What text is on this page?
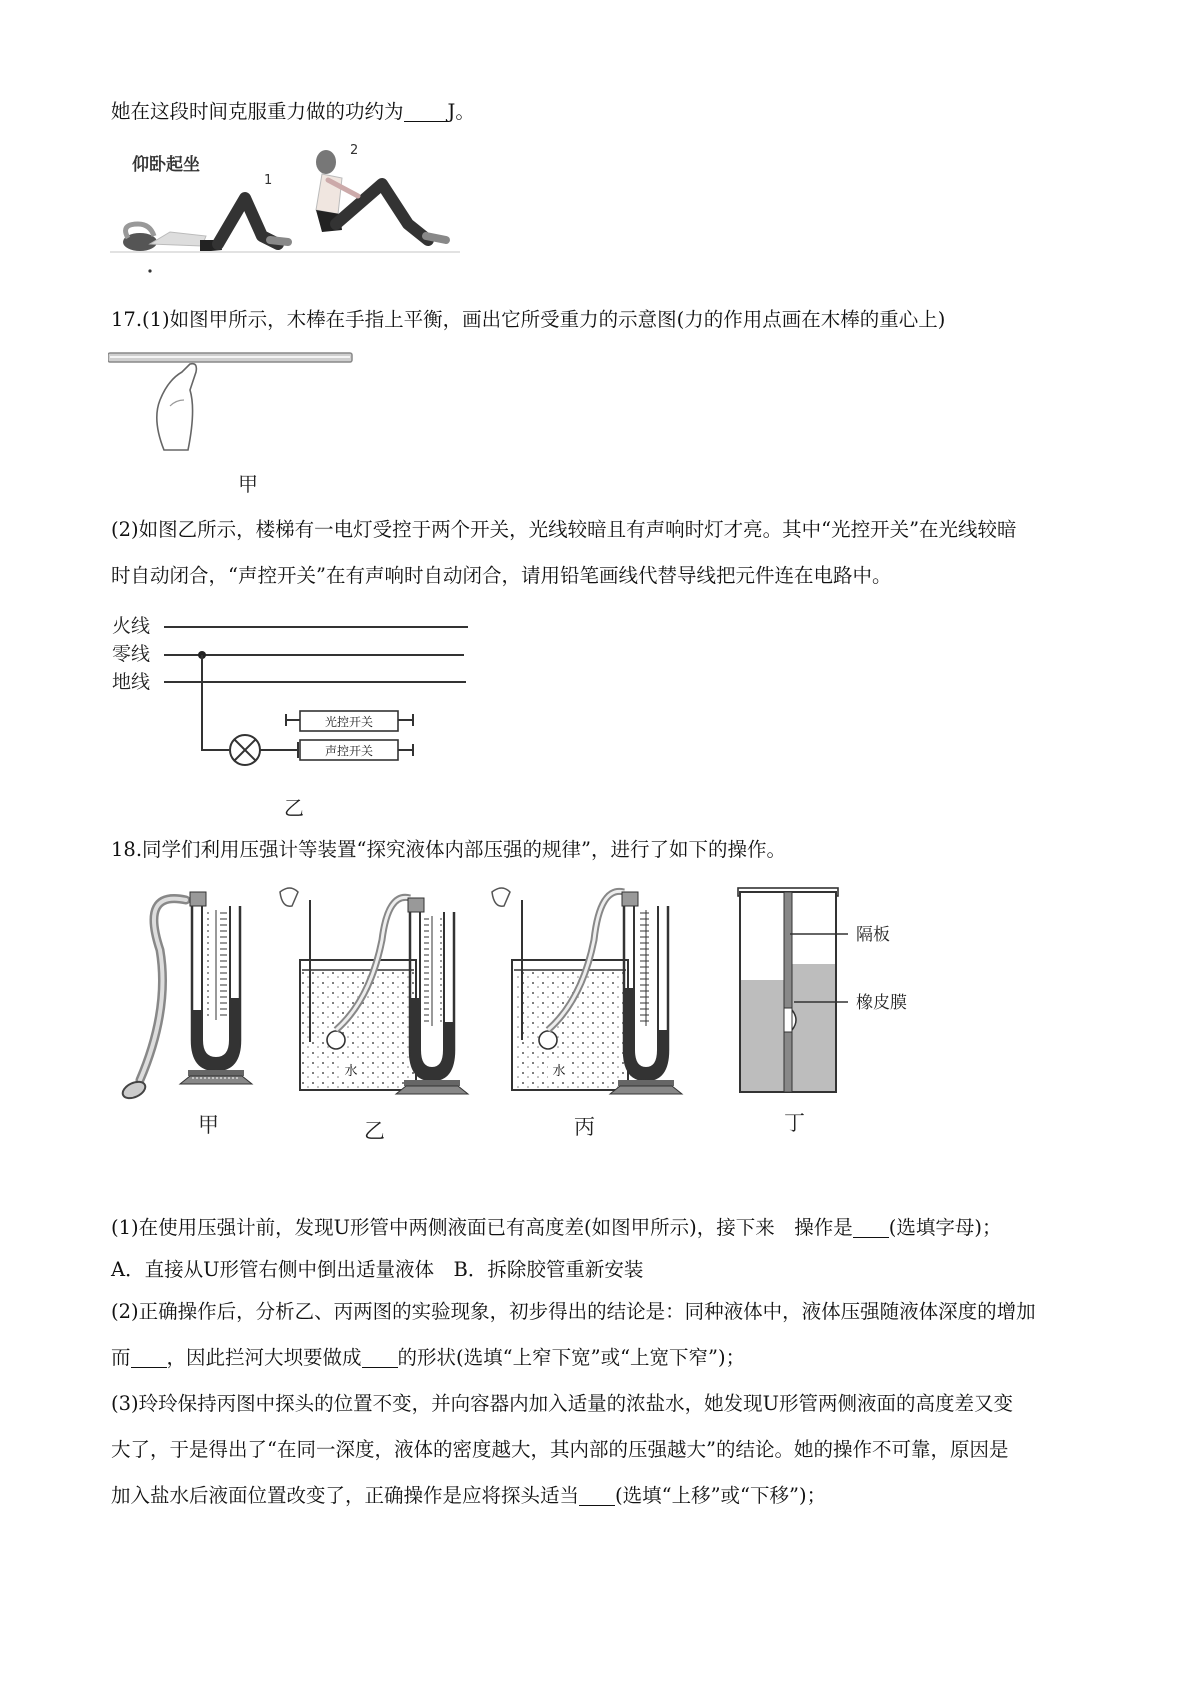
她在这段时间克服重力做的功约为 J。
仰卧起坐
1
2
17.(1)如图甲所示，木棒在手指上平衡，画出它所受重力的示意图(力的作用点画在木棒的重心上)
甲
(2)如图乙所示，楼梯有一电灯受控于两个开关，光线较暗且有声响时灯才亮。其中“光控开关”在光线较暗
时自动闭合，“声控开关”在有声响时自动闭合，请用铅笔画线代替导线把元件连在电路中。
火线
零线
地线
光控开关
声控开关
乙
18.同学们利用压强计等装置“探究液体内部压强的规律”，进行了如下的操作。
水	水
隔板
橡皮膜
甲	乙	丙	丁
(1)在使用压强计前，发现U形管中两侧液面已有高度差(如图甲所示)，接下来　操作是 (选填字母)；
A．直接从U形管右侧中倒出适量液体　B．拆除胶管重新安装
(2)正确操作后，分析乙、丙两图的实验现象，初步得出的结论是：同种液体中，液体压强随液体深度的增加
而 ，因此拦河大坝要做成 的形状(选填“上窄下宽”或“上宽下窄”)；
(3)玲玲保持丙图中探头的位置不变，并向容器内加入适量的浓盐水，她发现U形管两侧液面的高度差又变
大了，于是得出了“在同一深度，液体的密度越大，其内部的压强越大”的结论。她的操作不可靠，原因是
加入盐水后液面位置改变了，正确操作是应将探头适当 (选填“上移”或“下移”)；
